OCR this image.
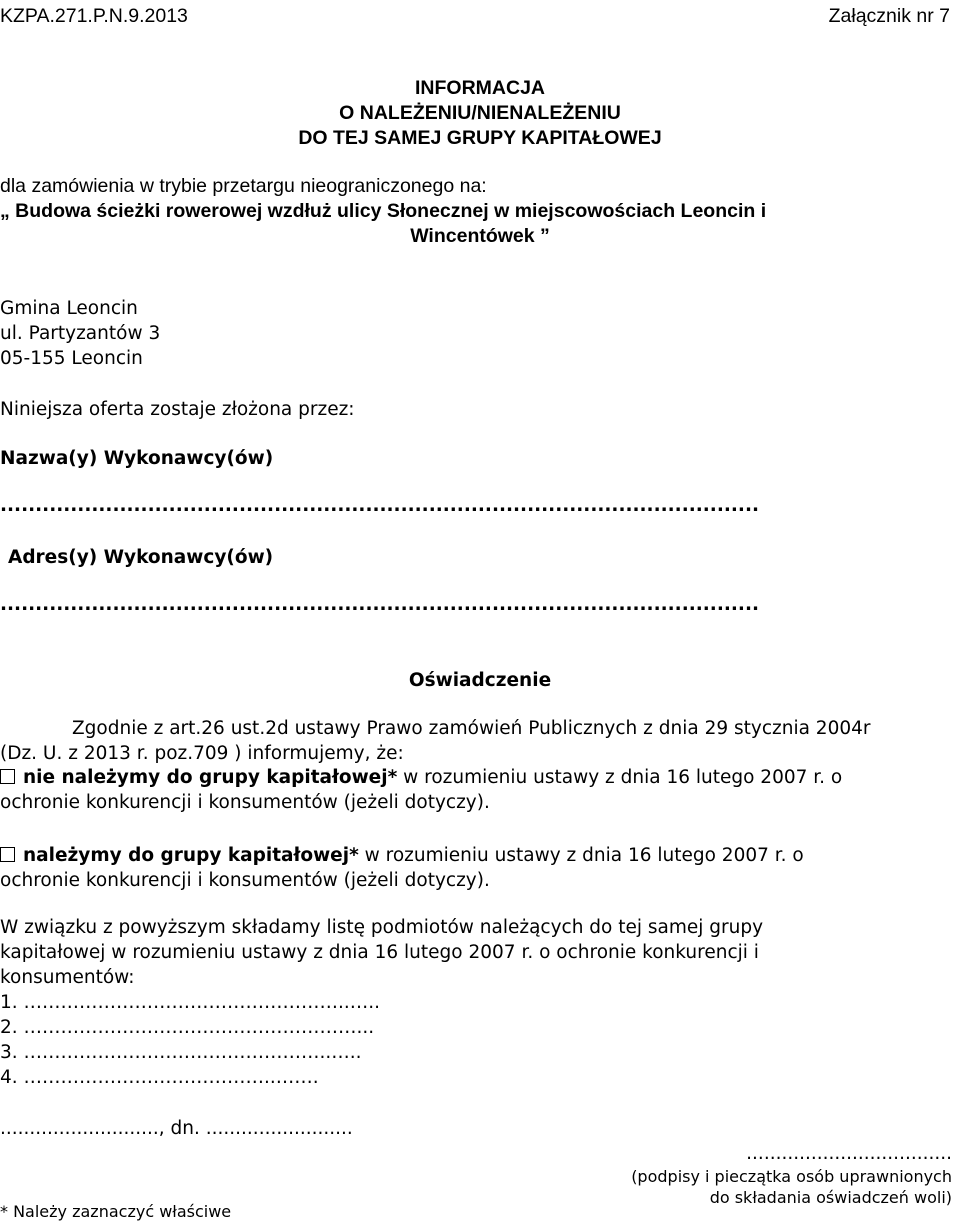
KZPA.271.P.N.9.2013	Załącznik nr 7
INFORMACJA
O NALEŻENIU/NIENALEŻENIU
DO TEJ SAMEJ GRUPY KAPITAŁOWEJ
dla zamówienia w trybie przetargu nieograniczonego na:
„ Budowa ścieżki rowerowej wzdłuż ulicy Słonecznej w miejscowościach Leoncin i
Wincentówek ”
Gmina Leoncin
ul. Partyzantów 3
05-155 Leoncin
Niniejsza oferta zostaje złożona przez:
Nazwa(y) Wykonawcy(ów)
............................................................................................................
Adres(y) Wykonawcy(ów)
............................................................................................................
Oświadczenie
Zgodnie z art.26 ust.2d ustawy Prawo zamówień Publicznych z dnia 29 stycznia 2004r
(Dz. U. z 2013 r. poz.709 ) informujemy, że:
nie należymy do grupy kapitałowej* w rozumieniu ustawy z dnia 16 lutego 2007 r. o
ochronie konkurencji i konsumentów (jeżeli dotyczy).
należymy do grupy kapitałowej* w rozumieniu ustawy z dnia 16 lutego 2007 r. o
ochronie konkurencji i konsumentów (jeżeli dotyczy).
W związku z powyższym składamy listę podmiotów należących do tej samej grupy
kapitałowej w rozumieniu ustawy z dnia 16 lutego 2007 r. o ochronie konkurencji i
konsumentów:
1. ……………………………………………..…..
2. ………………………………………………...
3. …………………………………………..…..
4. …………………………………..…….
..........................., dn. .........................
...................................
(podpisy i pieczątka osób uprawnionych
do składania oświadczeń woli)
* Należy zaznaczyć właściwe
